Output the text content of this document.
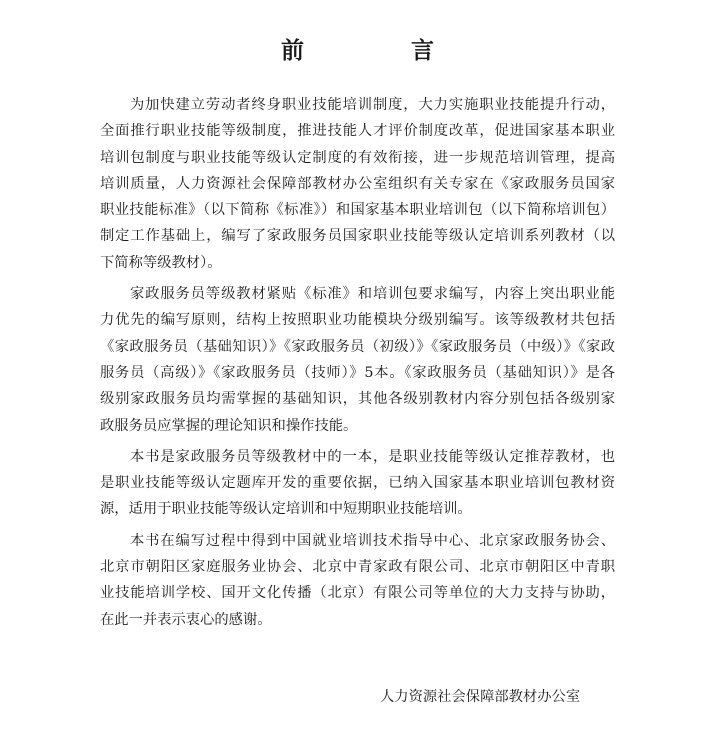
前　言
为加快建立劳动者终身职业技能培训制度，大力实施职业技能提升行动，
全面推行职业技能等级制度，推进技能人才评价制度改革，促进国家基本职业
培训包制度与职业技能等级认定制度的有效衔接，进一步规范培训管理，提高
培训质量，人力资源社会保障部教材办公室组织有关专家在《家政服务员国家
职业技能标准》（以下简称《标准》）和国家基本职业培训包（以下简称培训包）
制定工作基础上，编写了家政服务员国家职业技能等级认定培训系列教材（以
下简称等级教材）。
家政服务员等级教材紧贴《标准》和培训包要求编写，内容上突出职业能
力优先的编写原则，结构上按照职业功能模块分级别编写。该等级教材共包括
《家政服务员（基础知识）》《家政服务员（初级）》《家政服务员（中级）》《家政
服务员（高级）》《家政服务员（技师）》5本。《家政服务员（基础知识）》是各
级别家政服务员均需掌握的基础知识，其他各级别教材内容分别包括各级别家
政服务员应掌握的理论知识和操作技能。
本书是家政服务员等级教材中的一本，是职业技能等级认定推荐教材，也
是职业技能等级认定题库开发的重要依据，已纳入国家基本职业培训包教材资
源，适用于职业技能等级认定培训和中短期职业技能培训。
本书在编写过程中得到中国就业培训技术指导中心、北京家政服务协会、
北京市朝阳区家庭服务业协会、北京中青家政有限公司、北京市朝阳区中青职
业技能培训学校、国开文化传播（北京）有限公司等单位的大力支持与协助，
在此一并表示衷心的感谢。
人力资源社会保障部教材办公室
